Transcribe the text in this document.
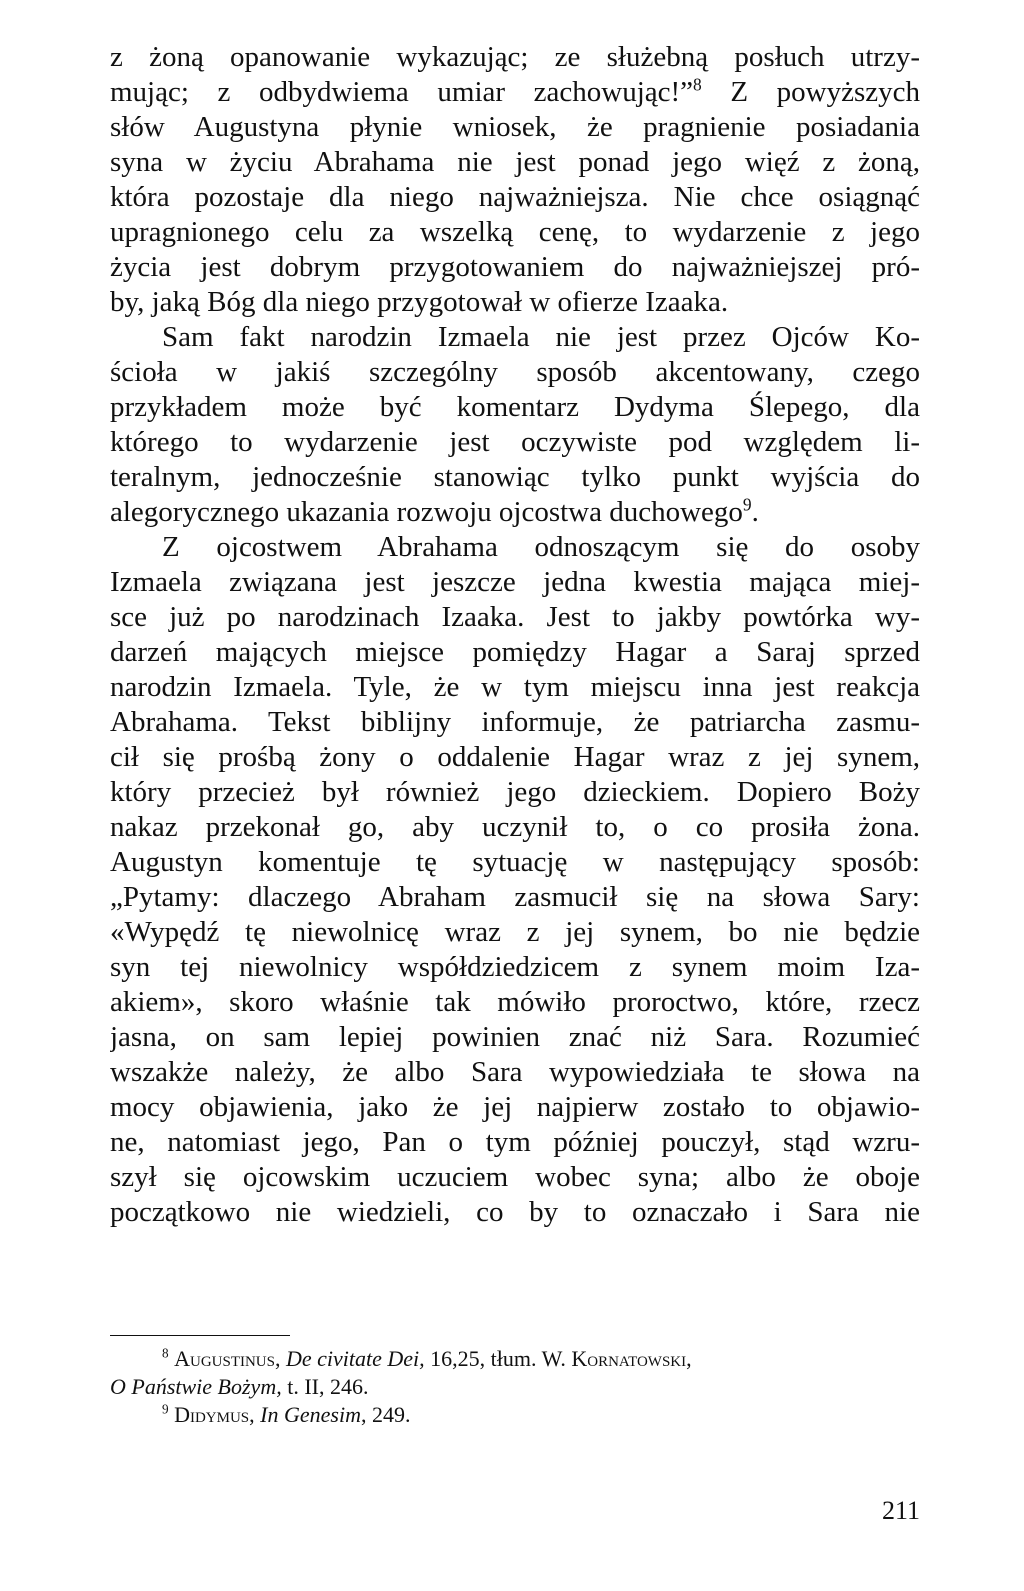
z żoną opanowanie wykazując; ze służebną posłuch utrzy-
mując; z odbydwiema umiar zachowując!”$^8$ Z powyższych
słów Augustyna płynie wniosek, że pragnienie posiadania
syna w życiu Abrahama nie jest ponad jego więź z żoną,
która pozostaje dla niego najważniejsza. Nie chce osiągnąć
upragnionego celu za wszelką cenę, to wydarzenie z jego
życia jest dobrym przygotowaniem do najważniejszej pró-
by, jaką Bóg dla niego przygotował w ofierze Izaaka.
Sam fakt narodzin Izmaela nie jest przez Ojców Ko-
ścioła w jakiś szczególny sposób akcentowany, czego
przykładem może być komentarz Dydyma Ślepego, dla
którego to wydarzenie jest oczywiste pod względem li-
teralnym, jednocześnie stanowiąc tylko punkt wyjścia do
alegorycznego ukazania rozwoju ojcostwa duchowego$^9$.
Z ojcostwem Abrahama odnoszącym się do osoby
Izmaela związana jest jeszcze jedna kwestia mająca miej-
sce już po narodzinach Izaaka. Jest to jakby powtórka wy-
darzeń mających miejsce pomiędzy Hagar a Saraj sprzed
narodzin Izmaela. Tyle, że w tym miejscu inna jest reakcja
Abrahama. Tekst biblijny informuje, że patriarcha zasmu-
cił się prośbą żony o oddalenie Hagar wraz z jej synem,
który przecież był również jego dzieckiem. Dopiero Boży
nakaz przekonał go, aby uczynił to, o co prosiła żona.
Augustyn komentuje tę sytuację w następujący sposób:
„Pytamy: dlaczego Abraham zasmucił się na słowa Sary:
«Wypędź tę niewolnicę wraz z jej synem, bo nie będzie
syn tej niewolnicy współdziedzicem z synem moim Iza-
akiem», skoro właśnie tak mówiło proroctwo, które, rzecz
jasna, on sam lepiej powinien znać niż Sara. Rozumieć
wszakże należy, że albo Sara wypowiedziała te słowa na
mocy objawienia, jako że jej najpierw zostało to objawio-
ne, natomiast jego, Pan o tym później pouczył, stąd wzru-
szył się ojcowskim uczuciem wobec syna; albo że oboje
początkowo nie wiedzieli, co by to oznaczało i Sara nie
$^8$ Augustinus, De civitate Dei, 16,25, tłum. W. Kornatowski,
O Państwie Bożym, t. II, 246.
$^9$ Didymus, In Genesim, 249.
211
